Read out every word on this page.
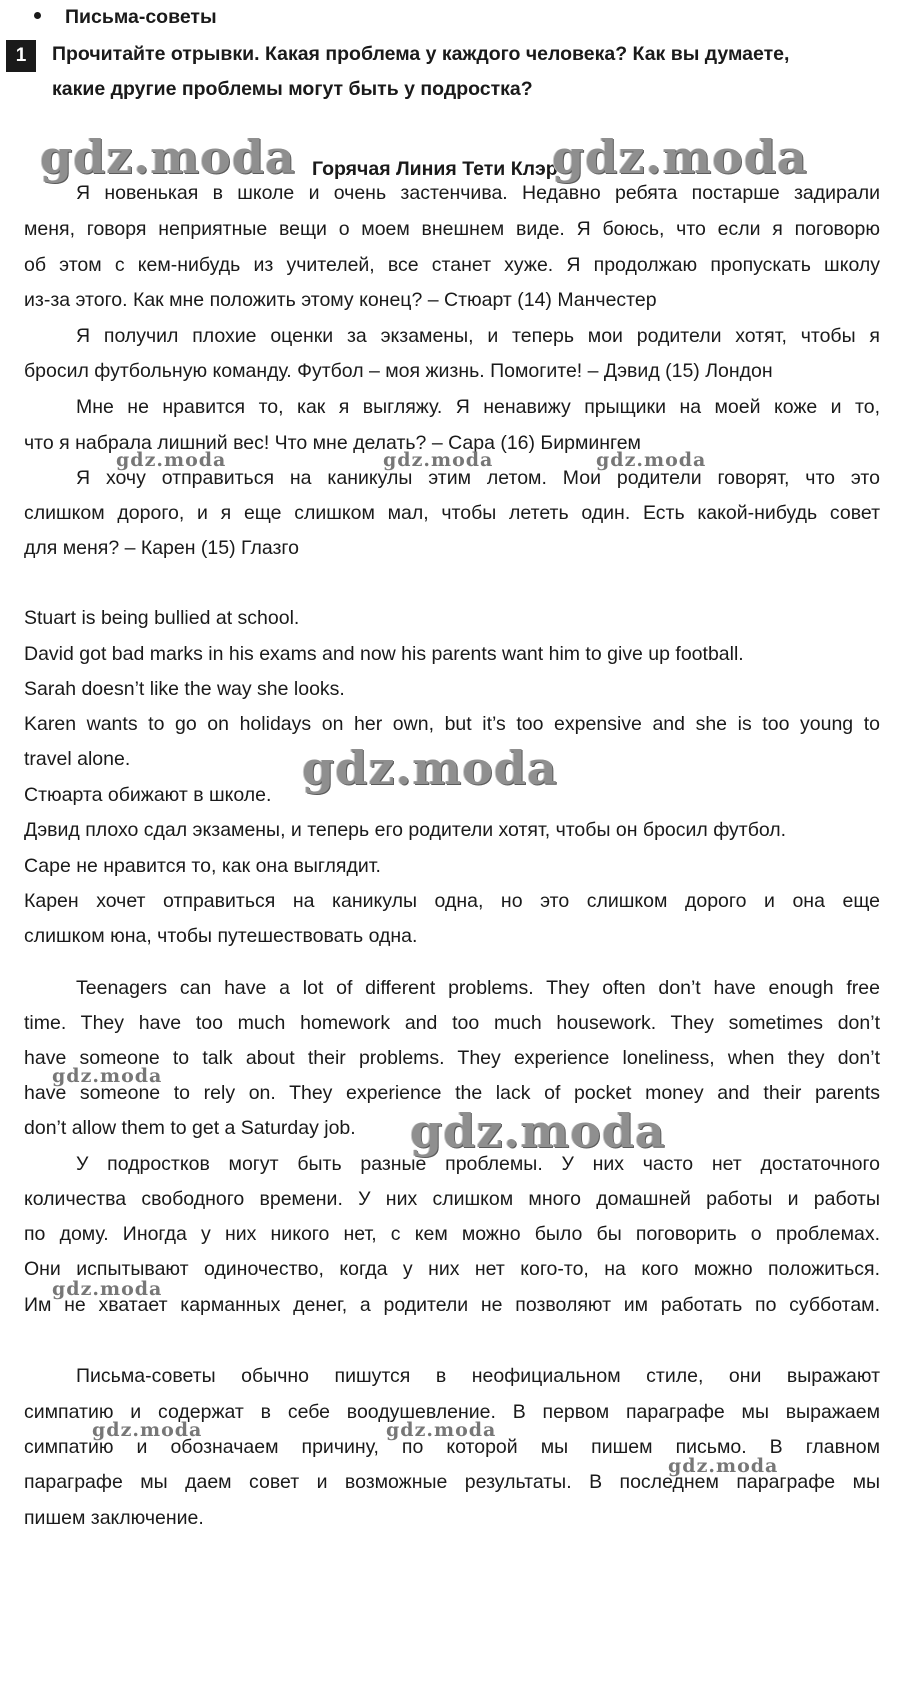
Письма-советы
1	Прочитайте отрывки. Какая проблема у каждого человека? Как вы думаете,
какие другие проблемы могут быть у подростка?
gdz.moda Горячая Линия Тети Клэр
gdz.moda
Я новенькая в школе и очень застенчива. Недавно ребята постарше задирали
меня, говоря неприятные вещи о моем внешнем виде. Я боюсь, что если я поговорю
об этом с кем-нибудь из учителей, все станет хуже. Я продолжаю пропускать школу
из-за этого. Как мне положить этому конец? – Стюарт (14) Манчестер
Я получил плохие оценки за экзамены, и теперь мои родители хотят, чтобы я
бросил футбольную команду. Футбол – моя жизнь. Помогите! – Дэвид (15) Лондон
Мне не нравится то, как я выгляжу. Я ненавижу прыщики на моей коже и то,
что я набрала лишний вес! Что мне делать? – Сара (16) Бирмингем
Я хочу отправиться на каникулы этим летом. Мои родители говорят, что это
слишком дорого, и я еще слишком мал, чтобы лететь один. Есть какой-нибудь совет
для меня? – Карен (15) Глазго
Stuart is being bullied at school.
David got bad marks in his exams and now his parents want him to give up football.
Sarah doesn’t like the way she looks.
Karen wants to go on holidays on her own, but it’s too expensive and she is too young to
travel alone.
Стюарта обижают в школе.
Дэвид плохо сдал экзамены, и теперь его родители хотят, чтобы он бросил футбол.
Саре не нравится то, как она выглядит.
Карен хочет отправиться на каникулы одна, но это слишком дорого и она еще
слишком юна, чтобы путешествовать одна.
Teenagers can have a lot of different problems. They often don’t have enough free
time. They have too much homework and too much housework. They sometimes don’t
have someone to talk about their problems. They experience loneliness, when they don’t
have someone to rely on. They experience the lack of pocket money and their parents
don’t allow them to get a Saturday job.
У подростков могут быть разные проблемы. У них часто нет достаточного
количества свободного времени. У них слишком много домашней работы и работы
по дому. Иногда у них никого нет, с кем можно было бы поговорить о проблемах.
Они испытывают одиночество, когда у них нет кого-то, на кого можно положиться.
Им не хватает карманных денег, а родители не позволяют им работать по субботам.
Письма-советы обычно пишутся в неофициальном стиле, они выражают
симпатию и содержат в себе воодушевление. В первом параграфе мы выражаем
симпатию и обозначаем причину, по которой мы пишем письмо. В главном
параграфе мы даем совет и возможные результаты. В последнем параграфе мы
пишем заключение.
gdz.moda	gdz.moda	gdz.moda
gdz.moda
gdz.moda
gdz.moda
gdz.moda
gdz.moda	gdz.moda
gdz.moda
